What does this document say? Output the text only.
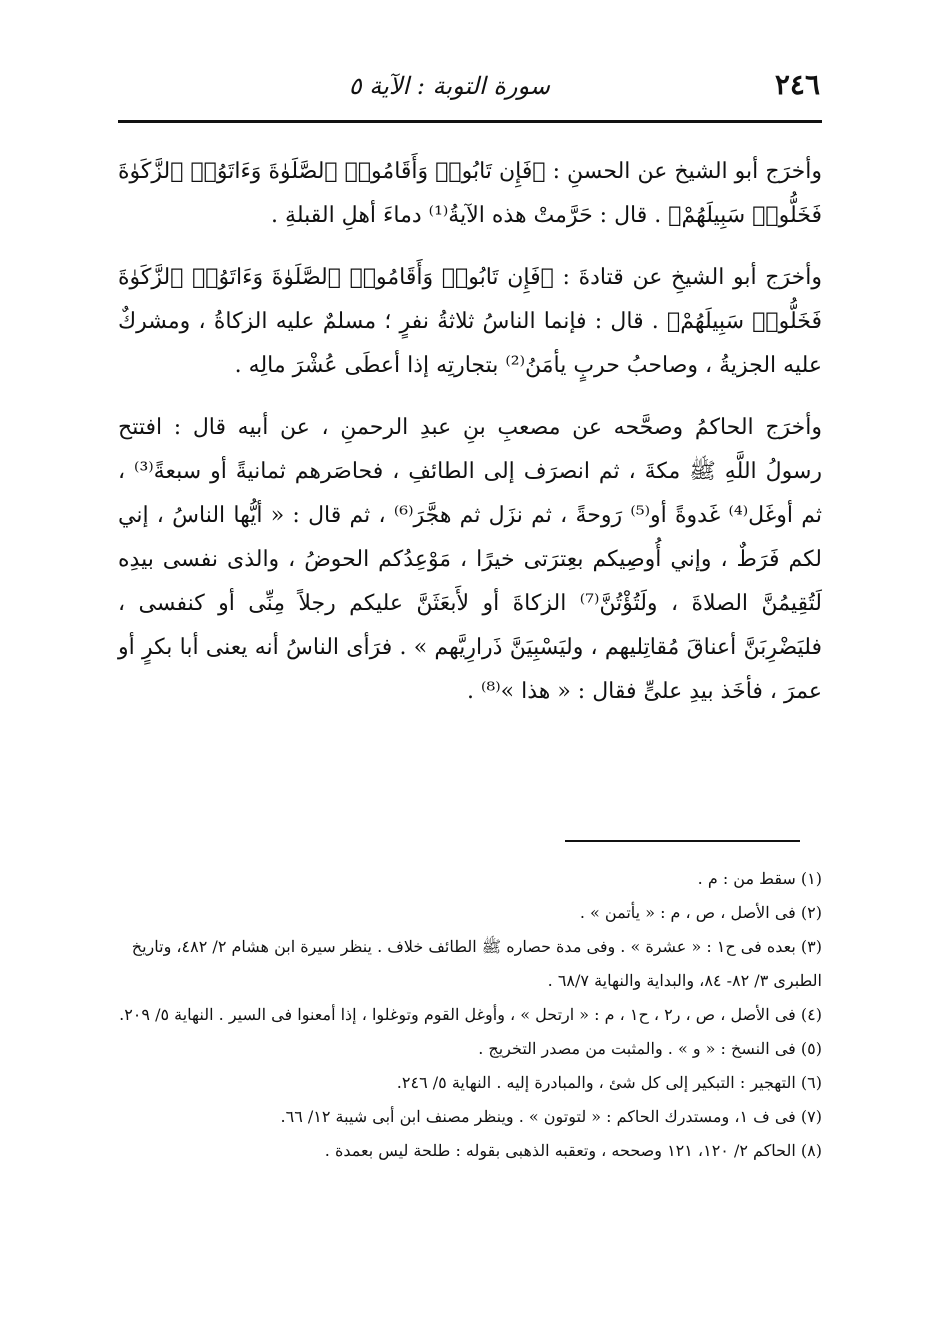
٢٤٦
سورة التوبة : الآية ٥

وأخرَج أبو الشيخ عن الحسنِ : ﴿فَإِن تَابُوا۟ وَأَقَامُوا۟ ٱلصَّلَوٰةَ وَءَاتَوُا۟ ٱلزَّكَوٰةَ فَخَلُّوا۟ سَبِيلَهُمْ﴾ . قال : حَرَّمتْ هذه الآيةُ⁽¹⁾ دماءَ أهلِ القبلةِ .

وأخرَج أبو الشيخِ عن قتادةَ : ﴿فَإِن تَابُوا۟ وَأَقَامُوا۟ ٱلصَّلَوٰةَ وَءَاتَوُا۟ ٱلزَّكَوٰةَ فَخَلُّوا۟ سَبِيلَهُمْ﴾ . قال : فإنما الناسُ ثلاثةُ نفرٍ ؛ مسلمٌ عليه الزكاةُ ، ومشركٌ عليه الجزيةُ ، وصاحبُ حربٍ يأمَنُ⁽²⁾ بتجارتِه إذا أعطَى عُشْرَ مالِه .

وأخرَج الحاكمُ وصحَّحه عن مصعبِ بنِ عبدِ الرحمنِ ، عن أبيه قال : افتتح رسولُ اللَّهِ ﷺ مكةَ ، ثم انصرَف إلى الطائفِ ، فحاصَرهم ثمانيةً أو سبعةً⁽³⁾ ، ثم أوغَل⁽⁴⁾ غَدوةً أو⁽⁵⁾ رَوحةً ، ثم نزَل ثم هجَّرَ⁽⁶⁾ ، ثم قال : « أيُّها الناسُ ، إني لكم فَرَطٌ ، وإني أُوصِيكم بعِترَتى خيرًا ، مَوْعِدُكم الحوضُ ، والذى نفسى بيدِه لَتُقِيمُنَّ الصلاةَ ، ولَتُؤْتُنَّ⁽⁷⁾ الزكاةَ أو لأَبعَثَنَّ عليكم رجلاً مِنِّى أو كنفسى ، فليَضْرِبَنَّ أعناقَ مُقاتِليهم ، وليَسْبِيَنَّ ذَرارِيَّهم » . فرَأى الناسُ أنه يعنى أبا بكرٍ أو عمرَ ، فأخَذ بيدِ علىٍّ فقال : « هذا »⁽⁸⁾ .

(١) سقط من : م .

(٢) فى الأصل ، ص ، م : « يأتمن » .

(٣) بعده فى ح١ : « عشرة » . وفى مدة حصاره ﷺ الطائف خلاف . ينظر سيرة ابن هشام ٢/ ٤٨٢، وتاريخ الطبرى ٣/ ٨٢- ٨٤، والبداية والنهاية ٦٨/٧ .

(٤) فى الأصل ، ص ، ر٢ ، ح١ ، م : « ارتحل » ، وأوغل القوم وتوغلوا ، إذا أمعنوا فى السير . النهاية ٥/ ٢٠٩.

(٥) فى النسخ : « و » . والمثبت من مصدر التخريج .

(٦) التهجير : التبكير إلى كل شئ ، والمبادرة إليه . النهاية ٥/ ٢٤٦.

(٧) فى ف ١، ومستدرك الحاكم : « لتوتون » . وينظر مصنف ابن أبى شيبة ١٢/ ٦٦.

(٨) الحاكم ٢/ ١٢٠، ١٢١ وصححه ، وتعقبه الذهبى بقوله : طلحة ليس بعمدة .
